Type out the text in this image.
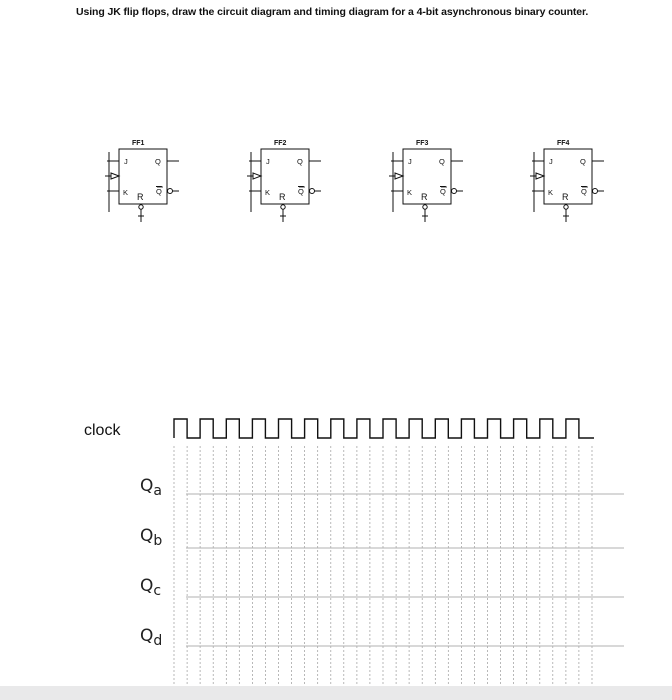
Using JK flip flops, draw the circuit diagram and timing diagram for a 4-bit asynchronous binary counter.
FF1
J	Q
K R
$\overline{Q}$
FF2
J	Q
K R
$\overline{Q}$
FF3
J	Q
K R
$\overline{Q}$
FF4
J	Q
K R
$\overline{Q}$
clock
$Q_a$
$Q_b$
$Q_c$
$Q_d$
